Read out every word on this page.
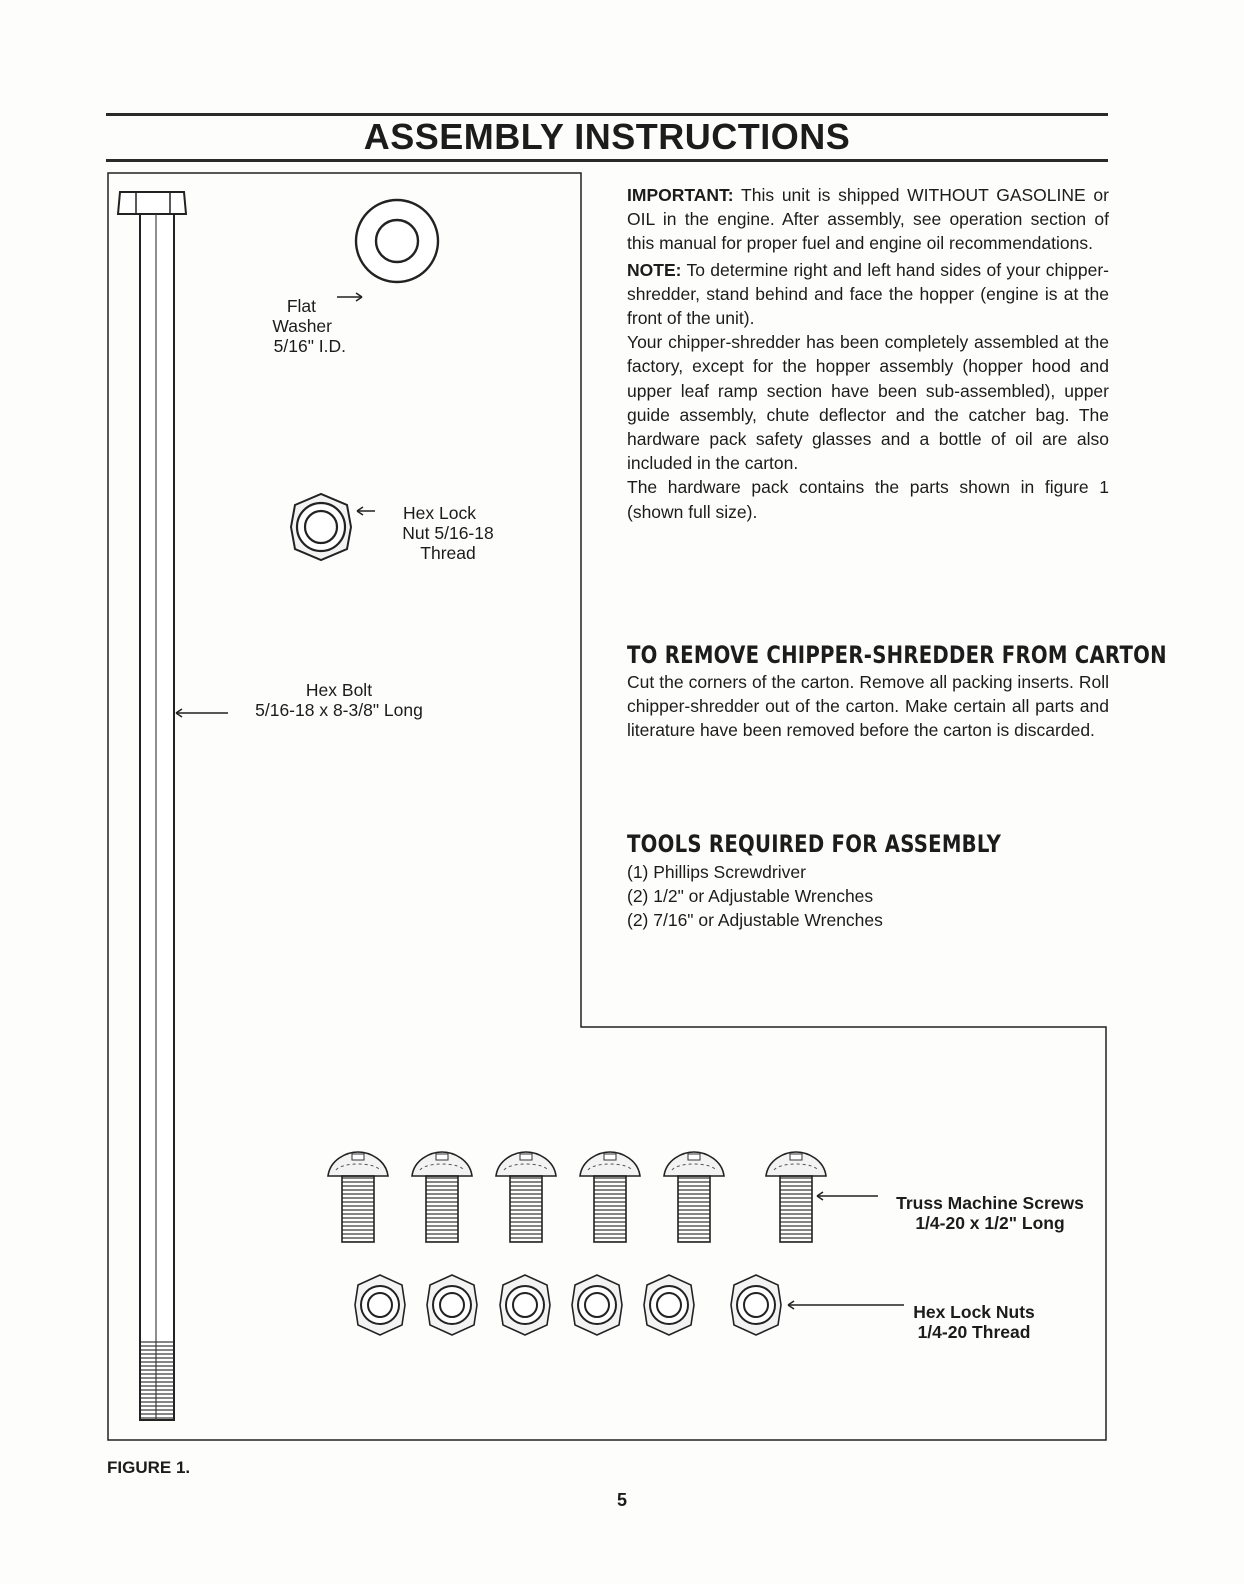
ASSEMBLY INSTRUCTIONS
Flat
Washer
5/16" I.D.
Hex Lock
Nut 5/16-18
Thread
Hex Bolt
5/16-18 x 8-3/8" Long
Truss Machine Screws
1/4-20 x 1/2" Long
Hex Lock Nuts
1/4-20 Thread

IMPORTANT: This unit is shipped WITHOUT GASOLINE or OIL in the engine. After assembly, see operation section of this manual for proper fuel and engine oil recommendations.

NOTE: To determine right and left hand sides of your chipper-shredder, stand behind and face the hopper (engine is at the front of the unit).

Your chipper-shredder has been completely assembled at the factory, except for the hopper assembly (hopper hood and upper leaf ramp section have been sub-assembled), upper guide assembly, chute deflector and the catcher bag. The hardware pack safety glasses and a bottle of oil are also included in the carton.

The hardware pack contains the parts shown in figure 1 (shown full size).

TO REMOVE CHIPPER-SHREDDER FROM CARTON

Cut the corners of the carton. Remove all packing inserts. Roll chipper-shredder out of the carton. Make certain all parts and literature have been removed before the carton is discarded.

TOOLS REQUIRED FOR ASSEMBLY
(1) Phillips Screwdriver
(2) 1/2" or Adjustable Wrenches
(2) 7/16" or Adjustable Wrenches

FIGURE 1.

5
